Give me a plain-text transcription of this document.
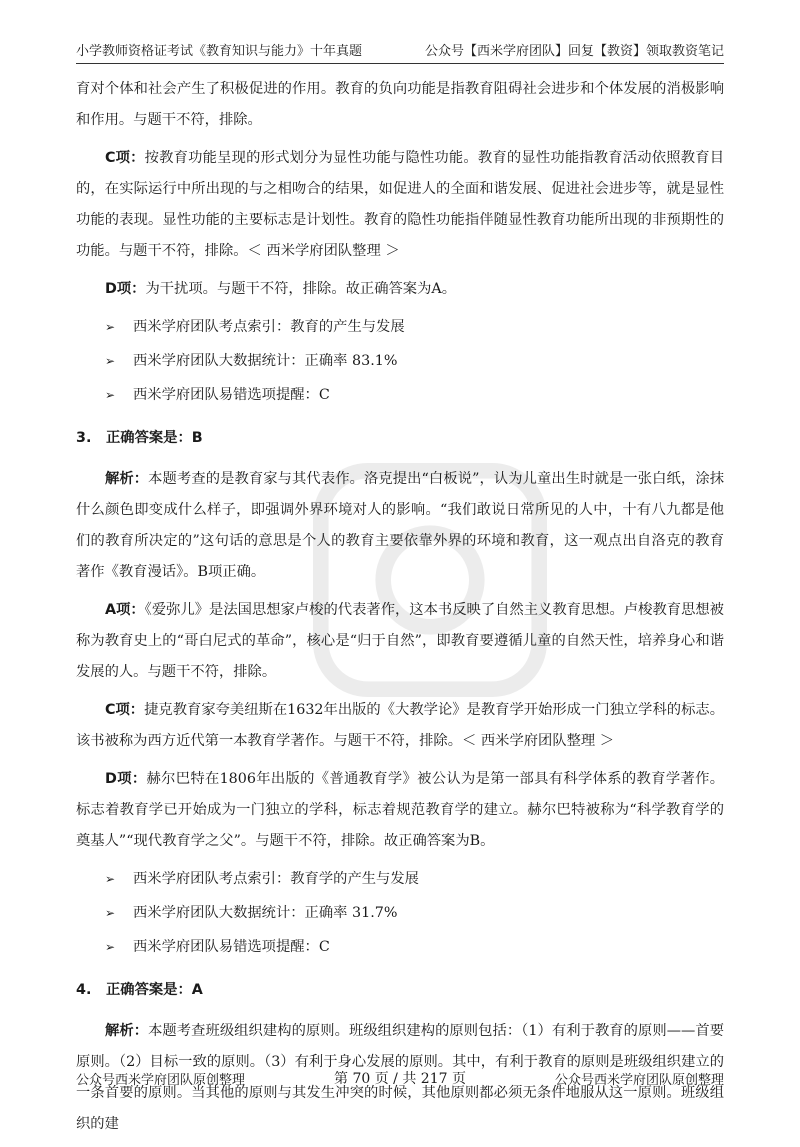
小学教师资格证考试《教育知识与能力》十年真题	公众号【西米学府团队】回复【教资】领取教资笔记

育对个体和社会产生了积极促进的作用。教育的负向功能是指教育阻碍社会进步和个体发展的消极影响和作用。与题干不符，排除。

C项：按教育功能呈现的形式划分为显性功能与隐性功能。教育的显性功能指教育活动依照教育目的，在实际运行中所出现的与之相吻合的结果，如促进人的全面和谐发展、促进社会进步等，就是显性功能的表现。显性功能的主要标志是计划性。教育的隐性功能指伴随显性教育功能所出现的非预期性的功能。与题干不符，排除。＜ 西米学府团队整理 ＞

D项：为干扰项。与题干不符，排除。故正确答案为A。

➢	西米学府团队考点索引：教育的产生与发展
➢	西米学府团队大数据统计：正确率 83.1%
➢	西米学府团队易错选项提醒：C
3.	正确答案是：B

解析：本题考查的是教育家与其代表作。洛克提出“白板说”，认为儿童出生时就是一张白纸，涂抹什么颜色即变成什么样子，即强调外界环境对人的影响。“我们敢说日常所见的人中，十有八九都是他们的教育所决定的”这句话的意思是个人的教育主要依靠外界的环境和教育，这一观点出自洛克的教育著作《教育漫话》。B项正确。

A项：《爱弥儿》是法国思想家卢梭的代表著作，这本书反映了自然主义教育思想。卢梭教育思想被称为教育史上的“哥白尼式的革命”，核心是“归于自然”，即教育要遵循儿童的自然天性，培养身心和谐发展的人。与题干不符，排除。

C项：捷克教育家夸美纽斯在1632年出版的《大教学论》是教育学开始形成一门独立学科的标志。该书被称为西方近代第一本教育学著作。与题干不符，排除。＜ 西米学府团队整理 ＞

D项：赫尔巴特在1806年出版的《普通教育学》被公认为是第一部具有科学体系的教育学著作。标志着教育学已开始成为一门独立的学科，标志着规范教育学的建立。赫尔巴特被称为“科学教育学的奠基人”“现代教育学之父”。与题干不符，排除。故正确答案为B。

➢	西米学府团队考点索引：教育学的产生与发展
➢	西米学府团队大数据统计：正确率 31.7%
➢	西米学府团队易错选项提醒：C
4.	正确答案是：A

解析：本题考查班级组织建构的原则。班级组织建构的原则包括：（1）有利于教育的原则——首要原则。（2）目标一致的原则。（3）有利于身心发展的原则。其中，有利于教育的原则是班级组织建立的一条首要的原则。当其他的原则与其发生冲突的时候，其他原则都必须无条件地服从这一原则。班级组织的建

公众号西米学府团队原创整理	第 70 页 / 共 217 页	公众号西米学府团队原创整理
